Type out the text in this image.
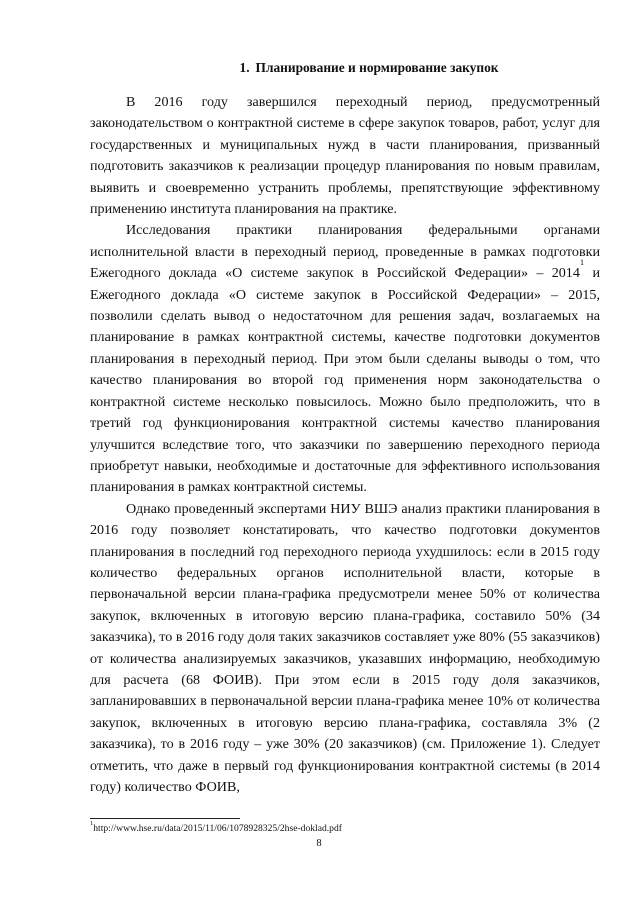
1. Планирование и нормирование закупок

В 2016 году завершился переходный период, предусмотренный законодательством о контрактной системе в сфере закупок товаров, работ, услуг для государственных и муниципальных нужд в части планирования, призванный подготовить заказчиков к реализации процедур планирования по новым правилам, выявить и своевременно устранить проблемы, препятствующие эффективному применению института планирования на практике.

Исследования практики планирования федеральными органами исполнительной власти в переходный период, проведенные в рамках подготовки Ежегодного доклада «О системе закупок в Российской Федерации» – 2014$^1$ и Ежегодного доклада «О системе закупок в Российской Федерации» – 2015, позволили сделать вывод о недостаточном для решения задач, возлагаемых на планирование в рамках контрактной системы, качестве подготовки документов планирования в переходный период. При этом были сделаны выводы о том, что качество планирования во второй год применения норм законодательства о контрактной системе несколько повысилось. Можно было предположить, что в третий год функционирования контрактной системы качество планирования улучшится вследствие того, что заказчики по завершению переходного периода приобретут навыки, необходимые и достаточные для эффективного использования планирования в рамках контрактной системы.

Однако проведенный экспертами НИУ ВШЭ анализ практики планирования в 2016 году позволяет констатировать, что качество подготовки документов планирования в последний год переходного периода ухудшилось: если в 2015 году количество федеральных органов исполнительной власти, которые в первоначальной версии плана-графика предусмотрели менее 50% от количества закупок, включенных в итоговую версию плана-графика, составило 50% (34 заказчика), то в 2016 году доля таких заказчиков составляет уже 80% (55 заказчиков) от количества анализируемых заказчиков, указавших информацию, необходимую для расчета (68 ФОИВ). При этом если в 2015 году доля заказчиков, запланировавших в первоначальной версии плана-графика менее 10% от количества закупок, включенных в итоговую версию плана-графика, составляла 3% (2 заказчика), то в 2016 году – уже 30% (20 заказчиков) (см. Приложение 1). Следует отметить, что даже в первый год функционирования контрактной системы (в 2014 году) количество ФОИВ,

$^1$http://www.hse.ru/data/2015/11/06/1078928325/2hse-doklad.pdf
8
